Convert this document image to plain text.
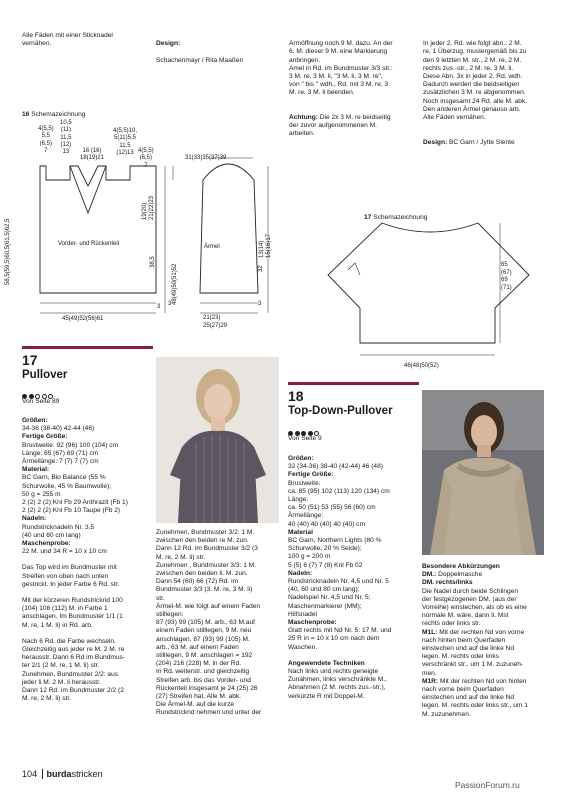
Alle Fäden mit einer Sticknadel
vernähen.	Design:

Schachenmayr / Rita Maaßen

Armöffnung noch 9 M. dazu. An der
6. M. dieser 9 M. eine Markierung
anbringen.
Amel in Rd. im Bundmuster 3/3 str.:
3 M. re, 3 M. li, "3 M. li, 3 M. re",
von " bis " wdh., Rd. mit 3 M. re, 3
M. re, 3 M. li beenden.

Achtung: Die 2x 3 M. re beidseitig
der zuvor aufgenommenen M.
arbeiten.

In jeder 2. Rd. wie folgt abn.: 2 M.
re, 1 Überzug, mustergemäß bis zu
den 9 letzten M. str., 2 M. re, 2 M.
rechts zus.-str., 2 M. re, 3 M. li.
Diese Abn. 3x in jeder 2. Rd. wdh.
Dadurch werden die beidseitigen
zusätzlichen 3 M. re abgenommen.
Noch insgesamt 24 Rd. alle M. abk.
Den anderen Ärmel genauso arb.
Alle Fäden vernähen.

Design: BC Garn / Jytte Slente

16 Schemazeichnung

4(5,5)
5,5
(6,5)
7
10,5
(11)
11,5
(12)
13	16 (16)
18(19)21
4(5,5)10,
5(11)5,5
11,5
(12)13 4(5,5)
(6,5)
7
Vorder- und Rückenteil
58,5(59,5)60,5(61,5)62,5	38,5
19(20)
21(22)23
3
45(49)52(56)61
31(33)35(37)39
Ärmel
48(49)50(51)52
13(14)
15(16)17
32
3
3
21(23)
25(27)29

17 Schemazeichnung

65
(67)
69
(71)
46(48)50(52)
17
Pullover
Von Seite 89
Größen:
34-36 (38-40) 42-44 (46)
Fertige Größe:
Brustweite: 92 (96) 100 (104) cm
Länge: 65 (67) 69 (71) cm
Ärmellänge: 7 (7) 7 (7) cm
Material:
BC Garn, Bio Balance (55 %
Schurwolle, 45 % Baumwolle);
50 g = 255 m
2 (2) 2 (2) Knl Fb 29 Anthrazit (Fb 1)
2 (2) 2 (2) Knl Fb 10 Taupe (Fb 2)
Nadeln:
Rundstricknadeln Nr. 3,5
(40 und 60 cm lang)
Maschenprobe:
22 M. und 34 R = 10 x 10 cm
Das Top wird im Bundmuster mit
Streifen von oben nach unten
gestrickt. In jeder Farbe 6 Rd. str.
Mit der kürzeren Rundstricknd 100
(104) 108 (112) M. in Farbe 1
anschlagen. Im Bundmuster 1/1 (1
M. re, 1 M. li) in Rd. arb.
Nach 6 Rd. die Farbe wechseln.
Gleichzeitig aus jeder re M. 2 M. re
herausstr. Dann 6 Rd im Bundmus-
ter 2/1 (2 M. re, 1 M. li) str.
Zunehmen, Bundmuster 2/2: aus
jeder li M. 2 M. li herausstr.
Dann 12 Rd. im Bundmuster 2/2 (2
M. re, 2 M. li) str.
Zunehmen, Bundmuster 3/2: 1 M.
zwischen den beiden re M. zun.
Dann 12 Rd. im Bundmuster 3/2 (3
M. re, 2 M. li) str.
Zunehmen , Bundmuster 3/3: 1 M.
zwischen den beiden li. M. zun.
Dann 54 (60) 66 (72) Rd. im
Bundmuster 3/3 (3. M. re, 3 M. li)
str.
Ärmel-M. wie folgt auf einem Faden
stilllegen:
87 (93) 99 (105) M. arb., 63 M.auf
einem Faden stilllegen, 9 M. neu
anschlagen, 87 (93) 99 (105) M.
arb., 63 M. auf einem Faden
stilllegen, 9 M. anschlagen = 192
(204) 216 (228) M. in der Rd.
In Rd. weiterstr. und gleichzeitig
Streifen arb. bis das Vorder- und
Rückenteil insgesamt je 24 (25) 26
(27) Streifen hat. Alle M. abk.
Die Ärmel-M. auf die kurze
Rundstricknd nehmen und unter der
18
Top-Down-Pullover
Von Seite 9
Größen:
32 (34-36) 38-40 (42-44) 46 (48)
Fertige Größe:
Brustweite:
ca. 85 (95) 102 (113) 120 (134) cm
Länge:
ca. 50 (51) 53 (55) 56 (60) cm
Ärmellänge:
40 (40) 40 (40) 40 (40) cm
Material
BC Garn, Northern Lights (80 %
Schurwolle, 20 % Seide);
100 g = 200 m
5 (5) 6 (7) 7 (8) Knl Fb 02
Nadeln:
Rundstricknadeln Nr. 4,5 und Nr. 5
(40, 60 und 80 cm lang);
Nadelspiel Nr. 4,5 und Nr. 5;
Maschenmarkierer (MM);
Hilfsnadel
Maschenprobe:
Glatt rechts mit Nd Nr. 5: 17 M. und
25 R in = 10 x 10 cm nach dem
Waschen.
Angewendete Techniken
Nach links und rechts geneigte
Zunahmen, links verschränkte M.,
Abnahmen (2 M. rechts zus.-str.),
verkürzte R mit Doppel-M.
Besondere Abkürzungen
DM.: Doppelmasche
DM. rechts/links
Die Nadel durch beide Schlingen
der festgezogenen DM. (aus der
Vorreihe) einstechen, als ob es eine
normale M. wäre, dann li. Mst
rechts oder links str.
M1L: Mit der rechten Nd von vorne
nach hinten beim Querfaden
einstechen und auf die linke Nd
legen. M. rechts oder links
verschränkt str., um 1 M. zuzuneh-
men.
M1R: Mit der rechten Nd von hinten
nach vorne beim Querfaden
einstechen und auf die linke Nd
legen. M. rechts oder links str., um 1
M. zuzunehmen.
104 burdastricken
PassionForum.ru
